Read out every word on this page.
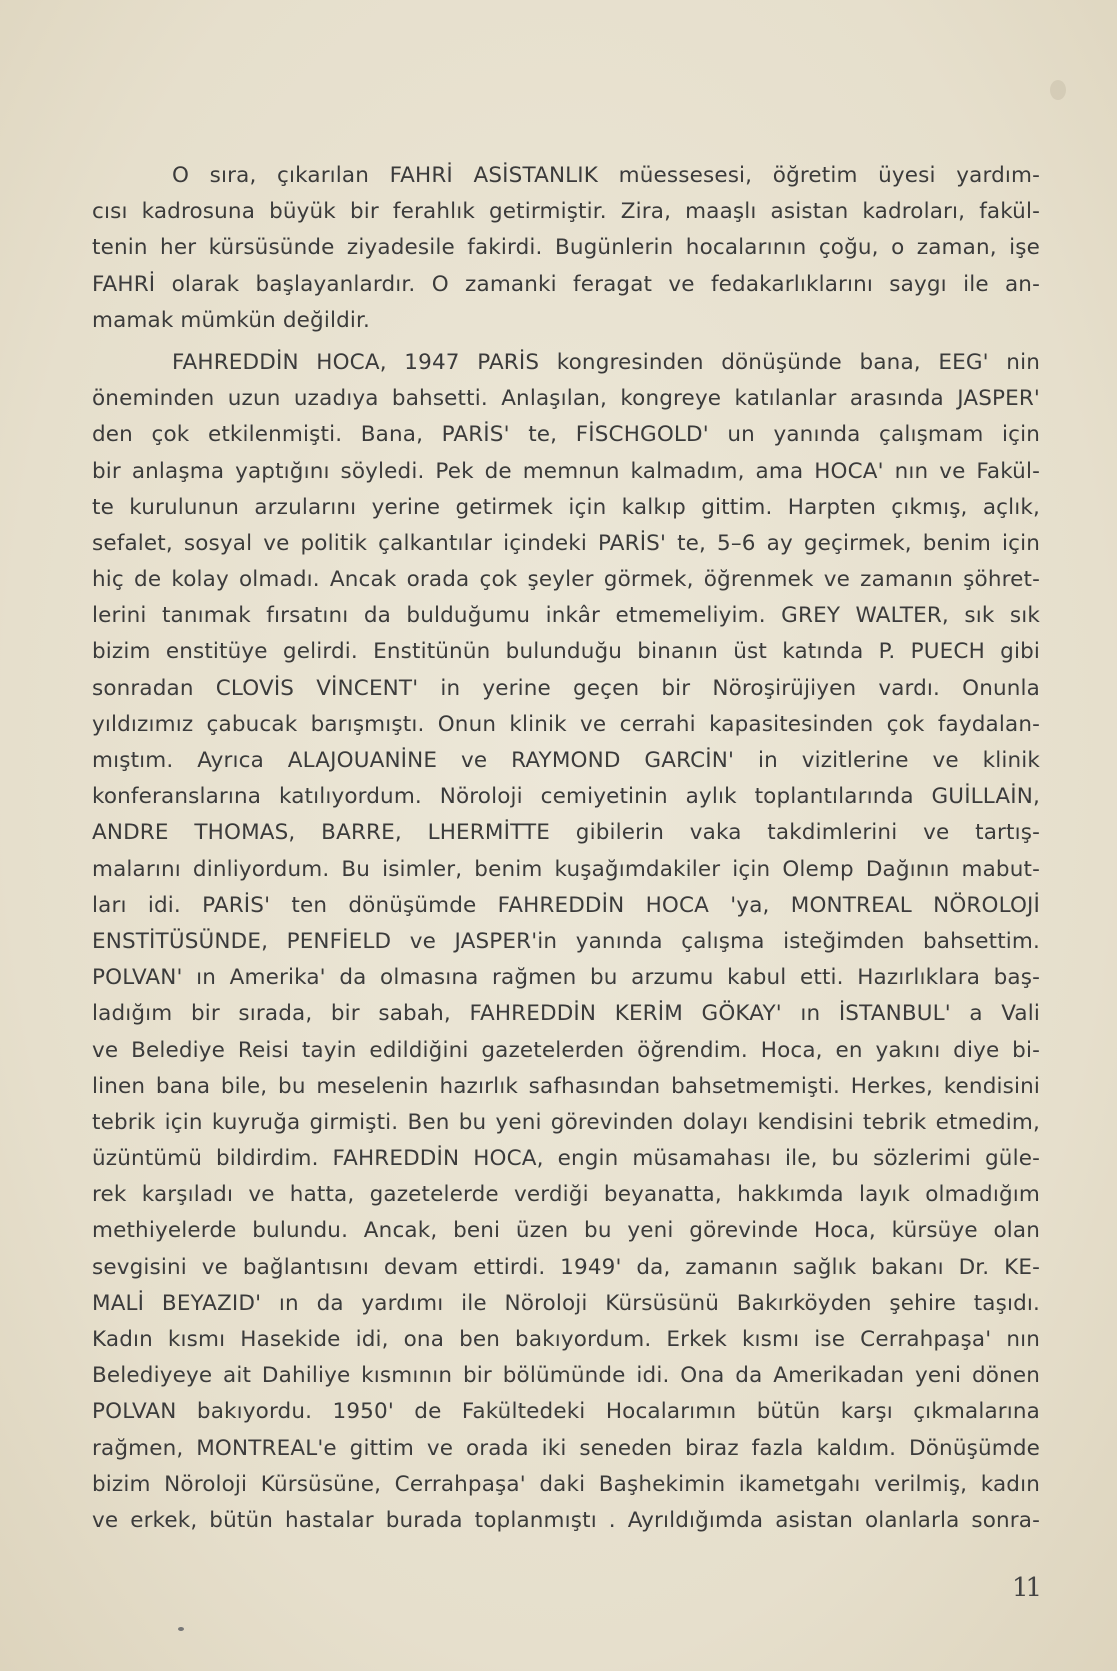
O sıra, çıkarılan FAHRİ ASİSTANLIK müessesesi, öğretim üyesi yardım-
cısı kadrosuna büyük bir ferahlık getirmiştir. Zira, maaşlı asistan kadroları, fakül-
tenin her kürsüsünde ziyadesile fakirdi. Bugünlerin hocalarının çoğu, o zaman, işe
FAHRİ olarak başlayanlardır. O zamanki feragat ve fedakarlıklarını saygı ile an-
mamak mümkün değildir.
FAHREDDİN HOCA, 1947 PARİS kongresinden dönüşünde bana, EEG' nin
öneminden uzun uzadıya bahsetti. Anlaşılan, kongreye katılanlar arasında JASPER'
den çok etkilenmişti. Bana, PARİS' te, FİSCHGOLD' un yanında çalışmam için
bir anlaşma yaptığını söyledi. Pek de memnun kalmadım, ama HOCA' nın ve Fakül-
te kurulunun arzularını yerine getirmek için kalkıp gittim. Harpten çıkmış, açlık,
sefalet, sosyal ve politik çalkantılar içindeki PARİS' te, 5–6 ay geçirmek, benim için
hiç de kolay olmadı. Ancak orada çok şeyler görmek, öğrenmek ve zamanın şöhret-
lerini tanımak fırsatını da bulduğumu inkâr etmemeliyim. GREY WALTER, sık sık
bizim enstitüye gelirdi. Enstitünün bulunduğu binanın üst katında P. PUECH gibi
sonradan CLOVİS VİNCENT' in yerine geçen bir Nöroşirüjiyen vardı. Onunla
yıldızımız çabucak barışmıştı. Onun klinik ve cerrahi kapasitesinden çok faydalan-
mıştım. Ayrıca ALAJOUANİNE ve RAYMOND GARCİN' in vizitlerine ve klinik
konferanslarına katılıyordum. Nöroloji cemiyetinin aylık toplantılarında GUİLLAİN,
ANDRE THOMAS, BARRE, LHERMİTTE gibilerin vaka takdimlerini ve tartış-
malarını dinliyordum. Bu isimler, benim kuşağımdakiler için Olemp Dağının mabut-
ları idi. PARİS' ten dönüşümde FAHREDDİN HOCA 'ya, MONTREAL NÖROLOJİ
ENSTİTÜSÜNDE, PENFİELD ve JASPER'in yanında çalışma isteğimden bahsettim.
POLVAN' ın Amerika' da olmasına rağmen bu arzumu kabul etti. Hazırlıklara baş-
ladığım bir sırada, bir sabah, FAHREDDİN KERİM GÖKAY' ın İSTANBUL' a Vali
ve Belediye Reisi tayin edildiğini gazetelerden öğrendim. Hoca, en yakını diye bi-
linen bana bile, bu meselenin hazırlık safhasından bahsetmemişti. Herkes, kendisini
tebrik için kuyruğa girmişti. Ben bu yeni görevinden dolayı kendisini tebrik etmedim,
üzüntümü bildirdim. FAHREDDİN HOCA, engin müsamahası ile, bu sözlerimi güle-
rek karşıladı ve hatta, gazetelerde verdiği beyanatta, hakkımda layık olmadığım
methiyelerde bulundu. Ancak, beni üzen bu yeni görevinde Hoca, kürsüye olan
sevgisini ve bağlantısını devam ettirdi. 1949' da, zamanın sağlık bakanı Dr. KE-
MALİ BEYAZID' ın da yardımı ile Nöroloji Kürsüsünü Bakırköyden şehire taşıdı.
Kadın kısmı Hasekide idi, ona ben bakıyordum. Erkek kısmı ise Cerrahpaşa' nın
Belediyeye ait Dahiliye kısmının bir bölümünde idi. Ona da Amerikadan yeni dönen
POLVAN bakıyordu. 1950' de Fakültedeki Hocalarımın bütün karşı çıkmalarına
rağmen, MONTREAL'e gittim ve orada iki seneden biraz fazla kaldım. Dönüşümde
bizim Nöroloji Kürsüsüne, Cerrahpaşa' daki Başhekimin ikametgahı verilmiş, kadın
ve erkek, bütün hastalar burada toplanmıştı . Ayrıldığımda asistan olanlarla sonra-
11
